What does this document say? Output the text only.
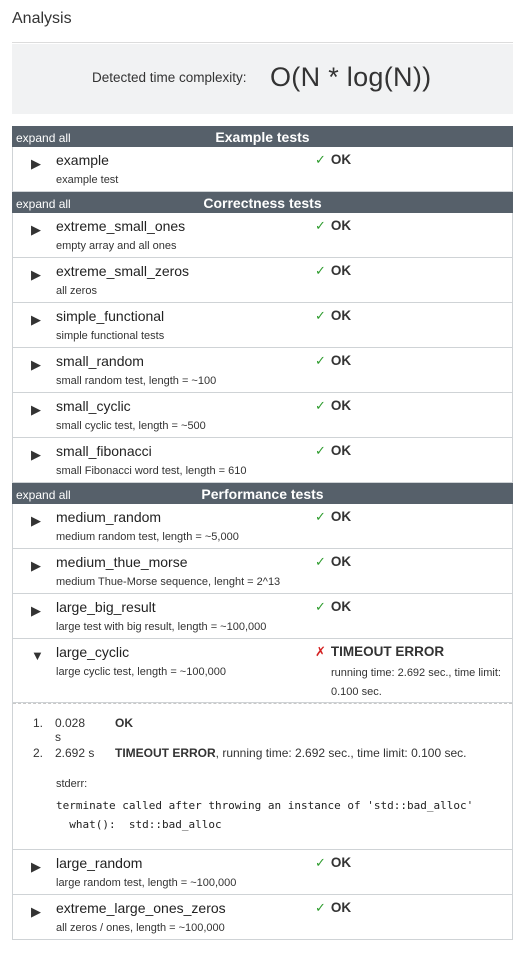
Analysis
Detected time complexity: O(N * log(N))
expand all	Example tests
▶ example
example test
✓ OK
expand all	Correctness tests
▶ extreme_small_ones
empty array and all ones
✓ OK
▶ extreme_small_zeros
all zeros
✓ OK
▶ simple_functional
simple functional tests
✓ OK
▶ small_random
small random test, length = ~100
✓ OK
▶ small_cyclic
small cyclic test, length = ~500
✓ OK
▶ small_fibonacci
small Fibonacci word test, length = 610
✓ OK
expand all	Performance tests
▶ medium_random
medium random test, length = ~5,000
✓ OK
▶ medium_thue_morse
medium Thue-Morse sequence, lenght = 2^13
✓ OK
▶ large_big_result
large test with big result, length = ~100,000
✓ OK
▼ large_cyclic
large cyclic test, length = ~100,000
✗ TIMEOUT ERROR
running time: 2.692 sec., time limit: 0.100 sec.
1. 0.028 s
OK
2. 2.692 s TIMEOUT ERROR, running time: 2.692 sec., time limit: 0.100 sec.
stderr:
terminate called after throwing an instance of 'std::bad_alloc'
what():  std::bad_alloc
▶ large_random
large random test, length = ~100,000
✓ OK
▶ extreme_large_ones_zeros
all zeros / ones, length = ~100,000
✓ OK
